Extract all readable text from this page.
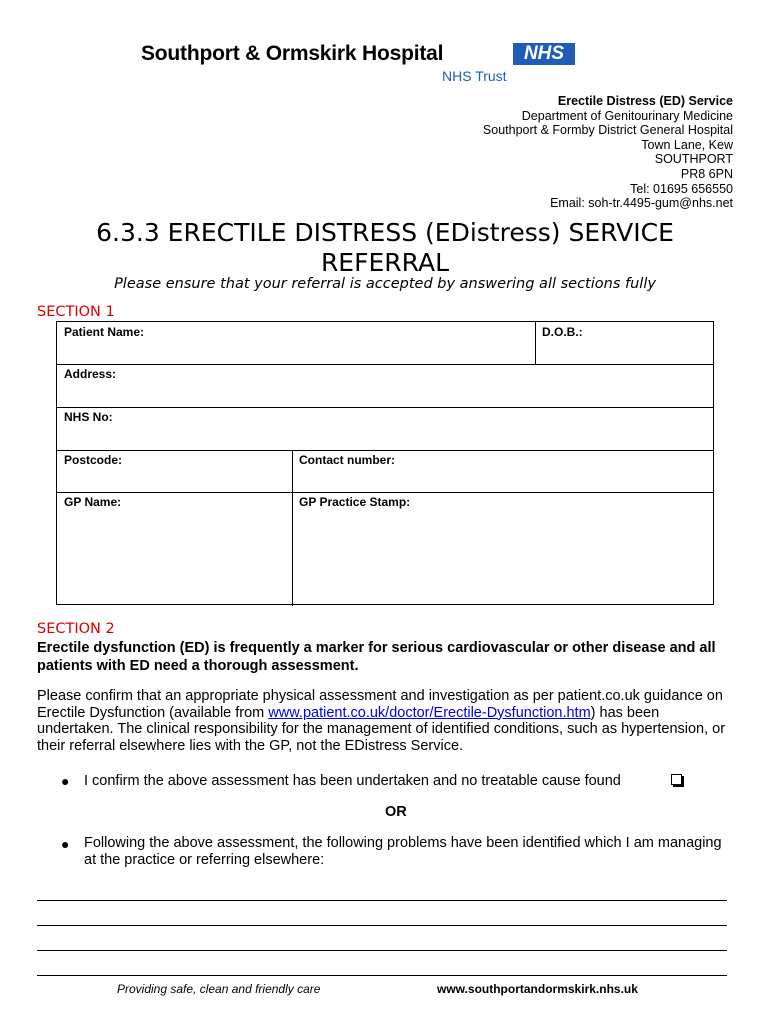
Southport & Ormskirk Hospital	NHS
NHS Trust
Erectile Distress (ED) Service
Department of Genitourinary Medicine
Southport & Formby District General Hospital
Town Lane, Kew
SOUTHPORT
PR8 6PN
Tel: 01695 656550
Email: soh-tr.4495-gum@nhs.net
6.3.3 ERECTILE DISTRESS (EDistress) SERVICE REFERRAL
Please ensure that your referral is accepted by answering all sections fully
SECTION 1
Patient Name:	D.O.B.:
Address:
NHS No:
Postcode:	Contact number:
GP Name:	GP Practice Stamp:
SECTION 2
Erectile dysfunction (ED) is frequently a marker for serious cardiovascular or other disease and all patients with ED need a thorough assessment.
Please confirm that an appropriate physical assessment and investigation as per patient.co.uk guidance on Erectile Dysfunction (available from www.patient.co.uk/doctor/Erectile-Dysfunction.htm) has been undertaken. The clinical responsibility for the management of identified conditions, such as hypertension, or their referral elsewhere lies with the GP, not the EDistress Service.
● I confirm the above assessment has been undertaken and no treatable cause found
OR
● Following the above assessment, the following problems have been identified which I am managing at the practice or referring elsewhere:
Providing safe, clean and friendly care	www.southportandormskirk.nhs.uk
